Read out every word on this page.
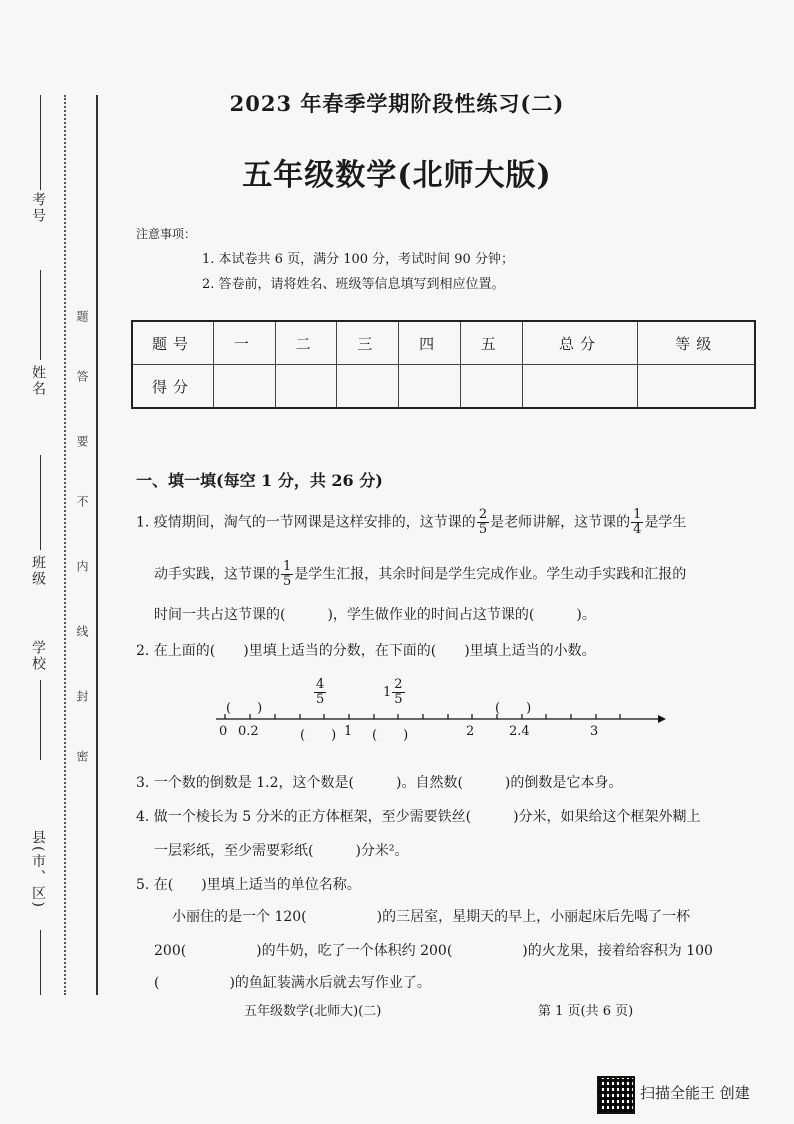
考号
姓名
班级
学校
县(市、区)
题
答
要
不
内
线
封
密
2023 年春季学期阶段性练习(二)
五年级数学(北师大版)
注意事项：
1. 本试卷共 6 页，满分 100 分，考试时间 90 分钟；
2. 答卷前，请将姓名、班级等信息填写到相应位置。
题号	一	二	三	四	五	总分	等级
得分							
一、填一填(每空 1 分，共 26 分)
1. 疫情期间，淘气的一节网课是这样安排的，这节课的 $\frac{2}{5}$ 是老师讲解，这节课的 $\frac{1}{4}$ 是学生
动手实践，这节课的 $\frac{1}{5}$ 是学生汇报，其余时间是学生完成作业。学生动手实践和汇报的
时间一共占这节课的(　　　)，学生做作业的时间占这节课的(　　　)。
2. 在上面的(　　)里填上适当的分数，在下面的(　　)里填上适当的小数。
(　　)
$\frac{4}{5}$	$1 \frac{2}{5}$
(　　)
0 0.2	(　　) 1 (　　)	2	2.4	3
3. 一个数的倒数是 1.2，这个数是(　　　)。自然数(　　　)的倒数是它本身。
4. 做一个棱长为 5 分米的正方体框架，至少需要铁丝(　　　)分米，如果给这个框架外糊上
一层彩纸，至少需要彩纸(　　　)分米²。
5. 在(　　)里填上适当的单位名称。
小丽住的是一个 120(　　　　　)的三居室，星期天的早上，小丽起床后先喝了一杯
200(　　　　　)的牛奶，吃了一个体积约 200(　　　　　)的火龙果，接着给容积为 100
(　　　　　)的鱼缸装满水后就去写作业了。
五年级数学(北师大)(二)	第 1 页(共 6 页)
扫描全能王 创建
